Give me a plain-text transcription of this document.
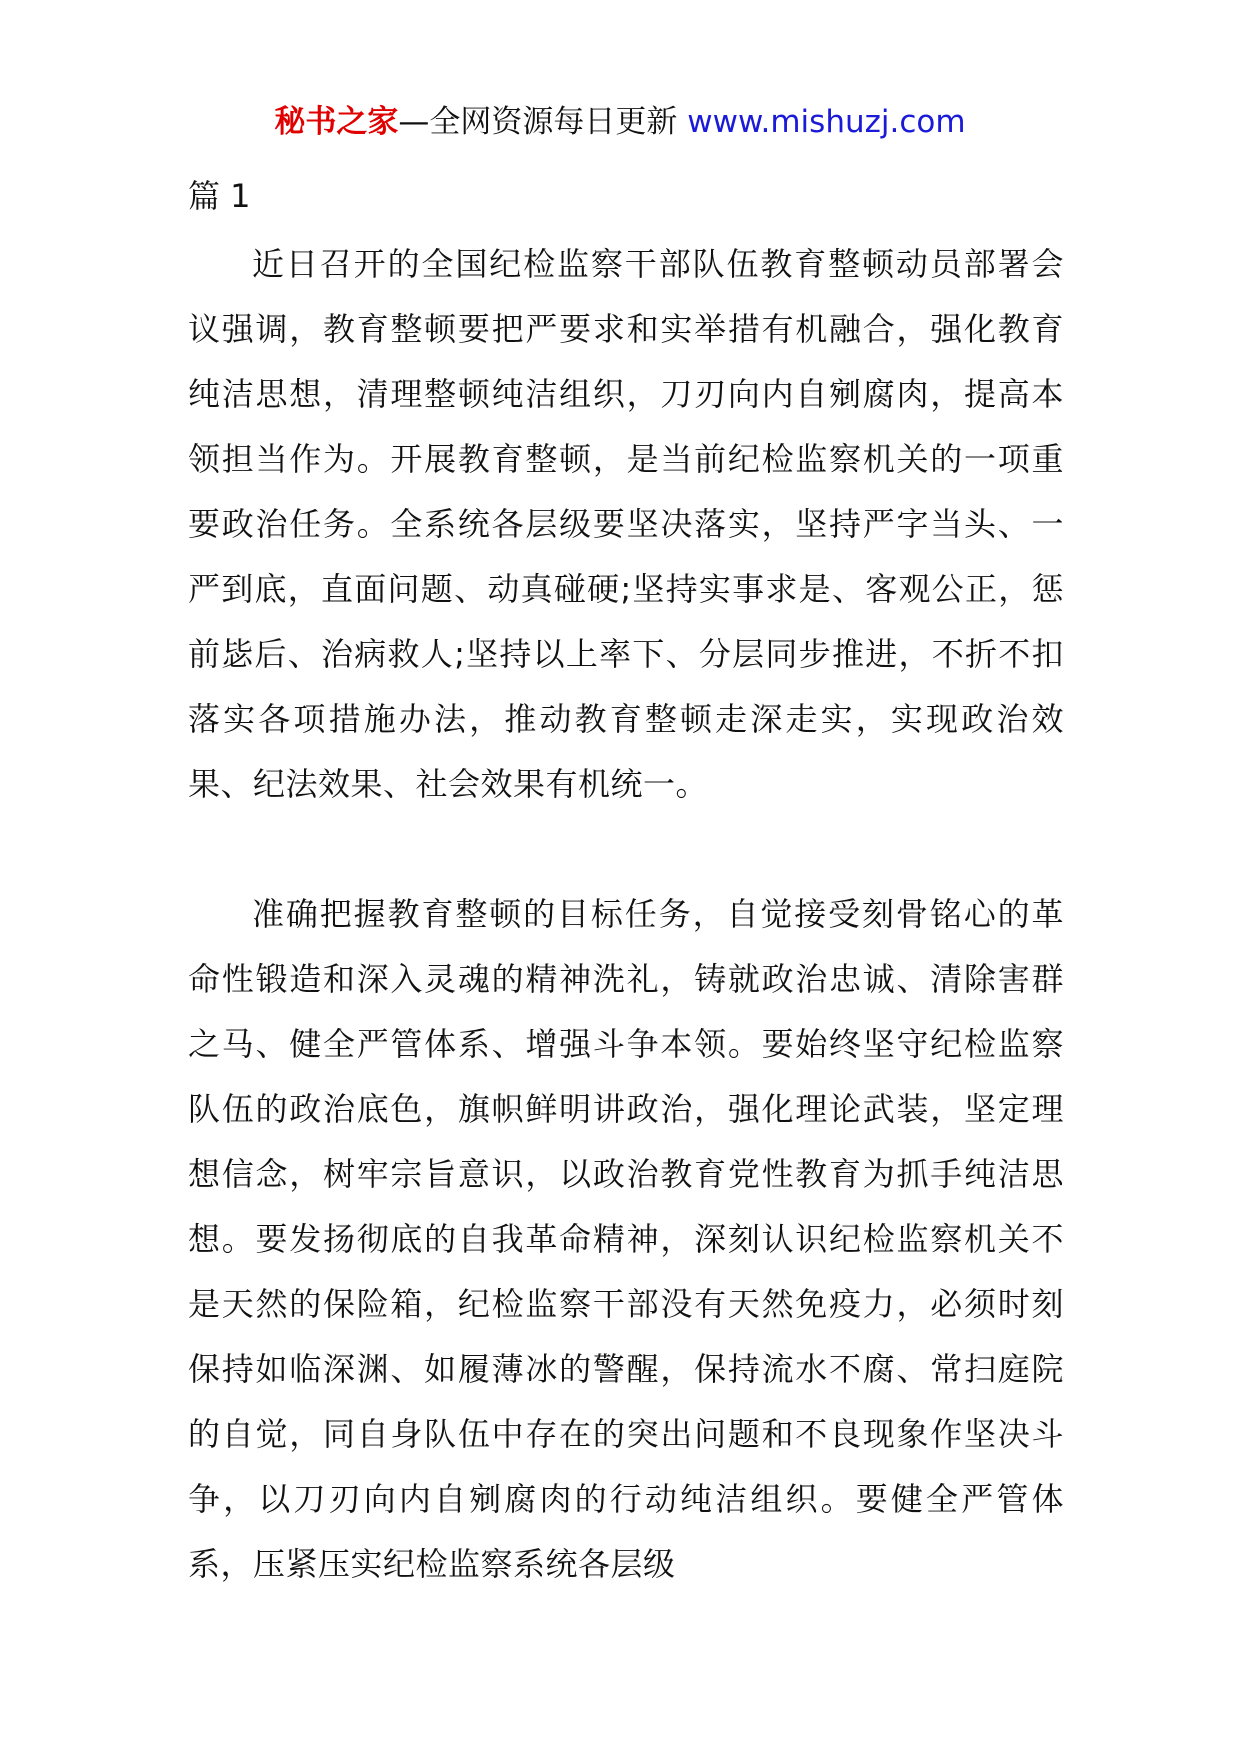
秘书之家—全网资源每日更新 www.mishuzj.com

篇 1

近日召开的全国纪检监察干部队伍教育整顿动员部署会议强调，教育整顿要把严要求和实举措有机融合，强化教育纯洁思想，清理整顿纯洁组织，刀刃向内自剜腐肉，提高本领担当作为。开展教育整顿，是当前纪检监察机关的一项重要政治任务。全系统各层级要坚决落实，坚持严字当头、一严到底，直面问题、动真碰硬;坚持实事求是、客观公正，惩前毖后、治病救人;坚持以上率下、分层同步推进，不折不扣落实各项措施办法，推动教育整顿走深走实，实现政治效果、纪法效果、社会效果有机统一。

准确把握教育整顿的目标任务，自觉接受刻骨铭心的革命性锻造和深入灵魂的精神洗礼，铸就政治忠诚、清除害群之马、健全严管体系、增强斗争本领。要始终坚守纪检监察队伍的政治底色，旗帜鲜明讲政治，强化理论武装，坚定理想信念，树牢宗旨意识，以政治教育党性教育为抓手纯洁思想。要发扬彻底的自我革命精神，深刻认识纪检监察机关不是天然的保险箱，纪检监察干部没有天然免疫力，必须时刻保持如临深渊、如履薄冰的警醒，保持流水不腐、常扫庭院的自觉，同自身队伍中存在的突出问题和不良现象作坚决斗争，以刀刃向内自剜腐肉的行动纯洁组织。要健全严管体系，压紧压实纪检监察系统各层级
